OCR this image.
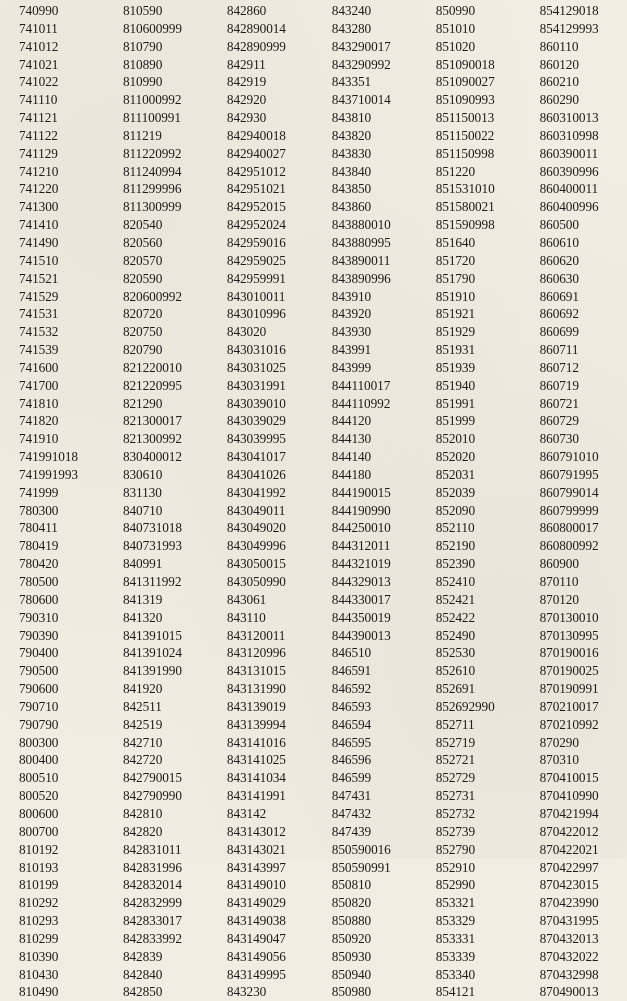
740990
741011
741012
741021
741022
741110
741121
741122
741129
741210
741220
741300
741410
741490
741510
741521
741529
741531
741532
741539
741600
741700
741810
741820
741910
741991018
741991993
741999
780300
780411
780419
780420
780500
780600
790310
790390
790400
790500
790600
790710
790790
800300
800400
800510
800520
800600
800700
810192
810193
810199
810292
810293
810299
810390
810430
810490
810590
810600999
810790
810890
810990
811000992
811100991
811219
811220992
811240994
811299996
811300999
820540
820560
820570
820590
820600992
820720
820750
820790
821220010
821220995
821290
821300017
821300992
830400012
830610
831130
840710
840731018
840731993
840991
841311992
841319
841320
841391015
841391024
841391990
841920
842511
842519
842710
842720
842790015
842790990
842810
842820
842831011
842831996
842832014
842832999
842833017
842833992
842839
842840
842850
842860
842890014
842890999
842911
842919
842920
842930
842940018
842940027
842951012
842951021
842952015
842952024
842959016
842959025
842959991
843010011
843010996
843020
843031016
843031025
843031991
843039010
843039029
843039995
843041017
843041026
843041992
843049011
843049020
843049996
843050015
843050990
843061
843110
843120011
843120996
843131015
843131990
843139019
843139994
843141016
843141025
843141034
843141991
843142
843143012
843143021
843143997
843149010
843149029
843149038
843149047
843149056
843149995
843230
843240
843280
843290017
843290992
843351
843710014
843810
843820
843830
843840
843850
843860
843880010
843880995
843890011
843890996
843910
843920
843930
843991
843999
844110017
844110992
844120
844130
844140
844180
844190015
844190990
844250010
844312011
844321019
844329013
844330017
844350019
844390013
846510
846591
846592
846593
846594
846595
846596
846599
847431
847432
847439
850590016
850590991
850810
850820
850880
850920
850930
850940
850980
850990
851010
851020
851090018
851090027
851090993
851150013
851150022
851150998
851220
851531010
851580021
851590998
851640
851720
851790
851910
851921
851929
851931
851939
851940
851991
851999
852010
852020
852031
852039
852090
852110
852190
852390
852410
852421
852422
852490
852530
852610
852691
852692990
852711
852719
852721
852729
852731
852732
852739
852790
852910
852990
853321
853329
853331
853339
853340
854121
854129018
854129993
860110
860120
860210
860290
860310013
860310998
860390011
860390996
860400011
860400996
860500
860610
860620
860630
860691
860692
860699
860711
860712
860719
860721
860729
860730
860791010
860791995
860799014
860799999
860800017
860800992
860900
870110
870120
870130010
870130995
870190016
870190025
870190991
870210017
870210992
870290
870310
870410015
870410990
870421994
870422012
870422021
870422997
870423015
870423990
870431995
870432013
870432022
870432998
870490013
